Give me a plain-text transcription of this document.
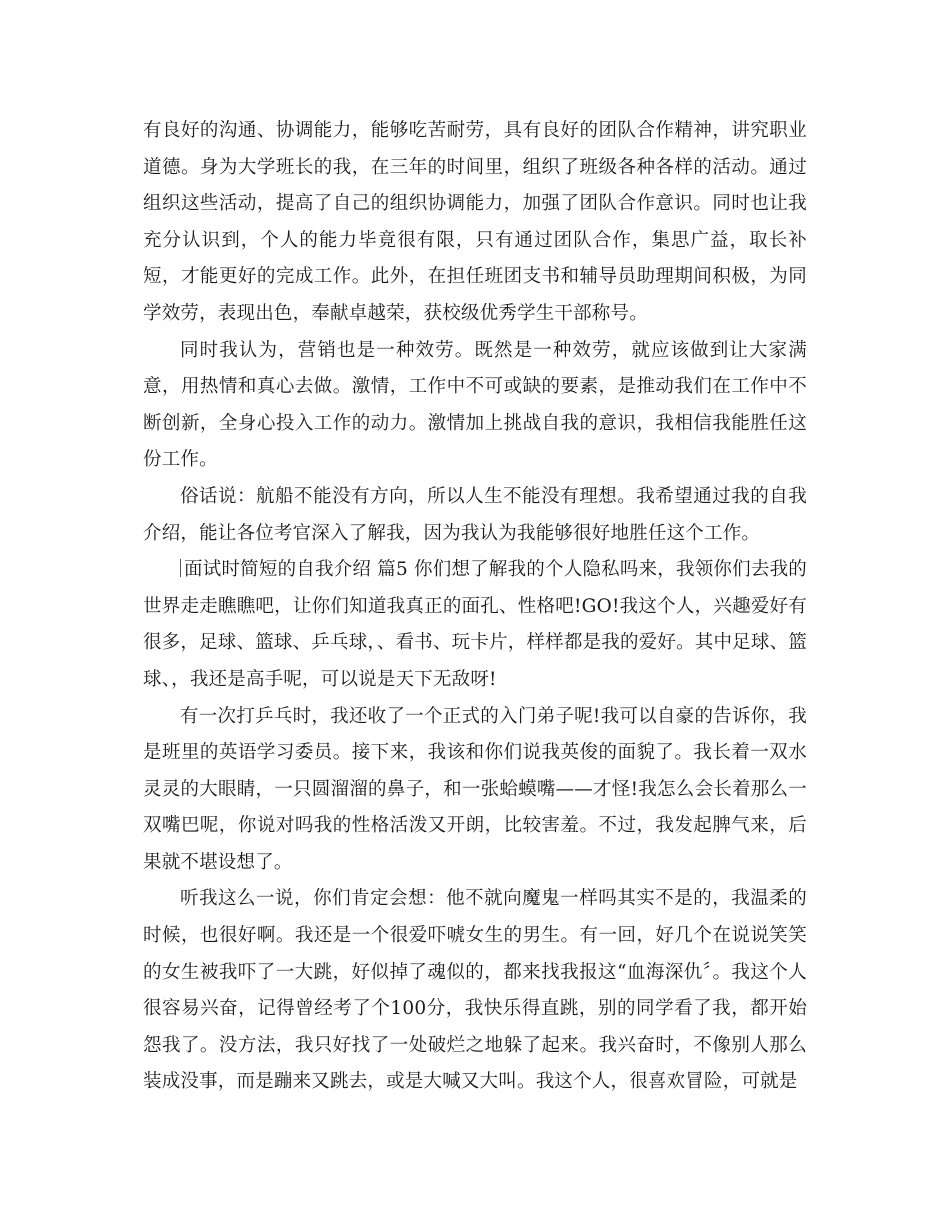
有良好的沟通、协调能力，能够吃苦耐劳，具有良好的团队合作精神，讲究职业道德。身为大学班长的我，在三年的时间里，组织了班级各种各样的活动。通过组织这些活动，提高了自己的组织协调能力，加强了团队合作意识。同时也让我充分认识到，个人的能力毕竟很有限，只有通过团队合作，集思广益，取长补短，才能更好的完成工作。此外，在担任班团支书和辅导员助理期间积极，为同学效劳，表现出色，奉献卓越荣，获校级优秀学生干部称号。

同时我认为，营销也是一种效劳。既然是一种效劳，就应该做到让大家满意，用热情和真心去做。激情，工作中不可或缺的要素，是推动我们在工作中不断创新，全身心投入工作的动力。激情加上挑战自我的意识，我相信我能胜任这份工作。

俗话说：航船不能没有方向，所以人生不能没有理想。我希望通过我的自我介绍，能让各位考官深入了解我，因为我认为我能够很好地胜任这个工作。

面试时简短的自我介绍 篇5 你们想了解我的个人隐私吗来，我领你们去我的世界走走瞧瞧吧，让你们知道我真正的面孔、性格吧!GO!我这个人，兴趣爱好有很多，足球、篮球、乒乓球，、看书、玩卡片，样样都是我的爱好。其中足球、篮球、，我还是高手呢，可以说是天下无敌呀!

有一次打乒乓时，我还收了一个正式的入门弟子呢!我可以自豪的告诉你，我是班里的英语学习委员。接下来，我该和你们说我英俊的面貌了。我长着一双水灵灵的大眼睛，一只圆溜溜的鼻子，和一张蛤蟆嘴——才怪!我怎么会长着那么一双嘴巴呢，你说对吗我的性格活泼又开朗，比较害羞。不过，我发起脾气来，后果就不堪设想了。

听我这么一说，你们肯定会想：他不就向魔鬼一样吗其实不是的，我温柔的时候，也很好啊。我还是一个很爱吓唬女生的男生。有一回，好几个在说说笑笑的女生被我吓了一大跳，好似掉了魂似的，都来找我报这“血海深仇〞。我这个人很容易兴奋，记得曾经考了个100分，我快乐得直跳，别的同学看了我，都开始怨我了。没方法，我只好找了一处破烂之地躲了起来。我兴奋时，不像别人那么装成没事，而是蹦来又跳去，或是大喊又大叫。我这个人，很喜欢冒险，可就是
